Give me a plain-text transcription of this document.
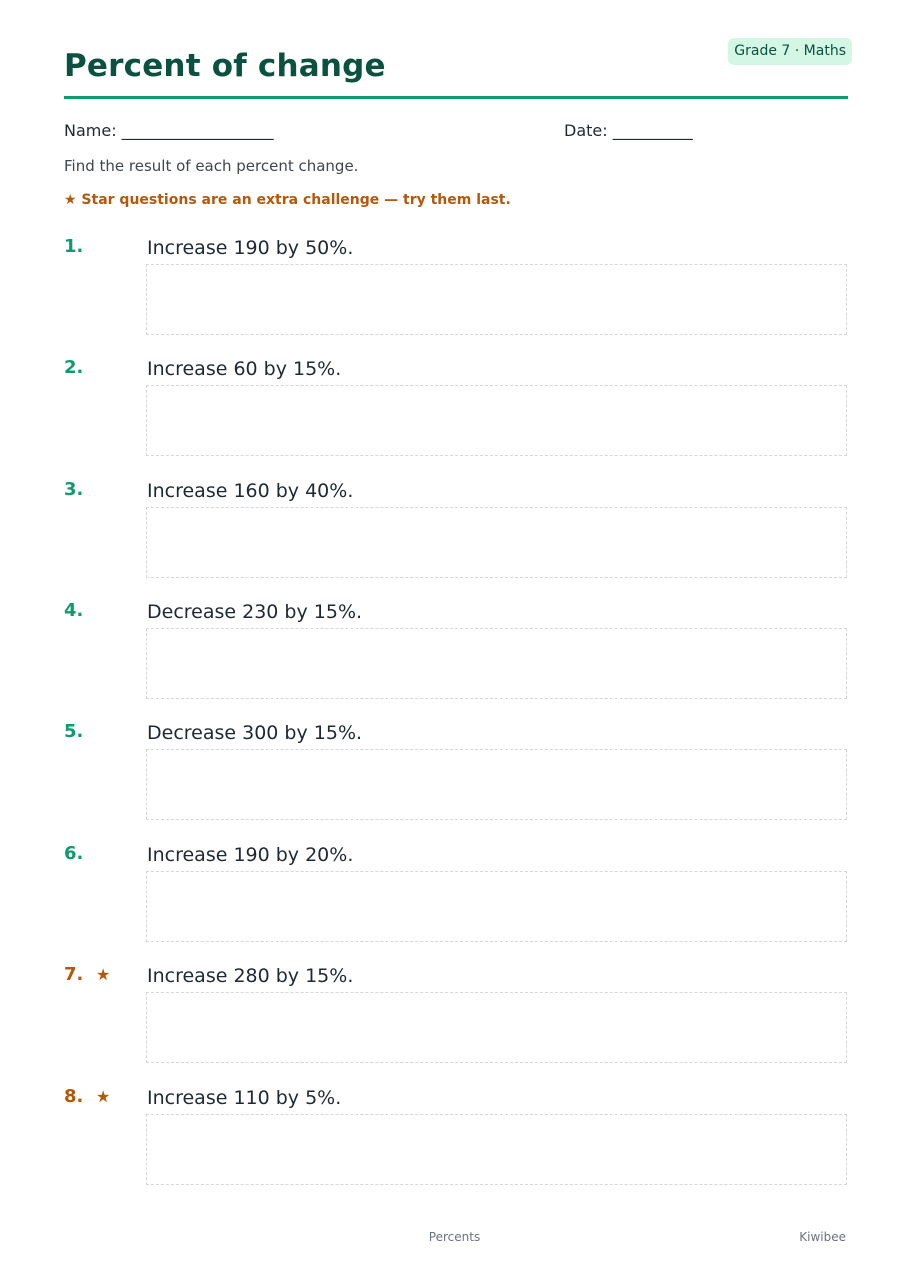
Percent of change	Grade 7 · Maths
Name: ___________________	Date: __________
Find the result of each percent change.
★ Star questions are an extra challenge — try them last.
1.	Increase 190 by 50%.
2.	Increase 60 by 15%.
3.	Increase 160 by 40%.
4.	Decrease 230 by 15%.
5.	Decrease 300 by 15%.
6.	Increase 190 by 20%.
7. ★ Increase 280 by 15%.
8. ★ Increase 110 by 5%.
Percents	Kiwibee
